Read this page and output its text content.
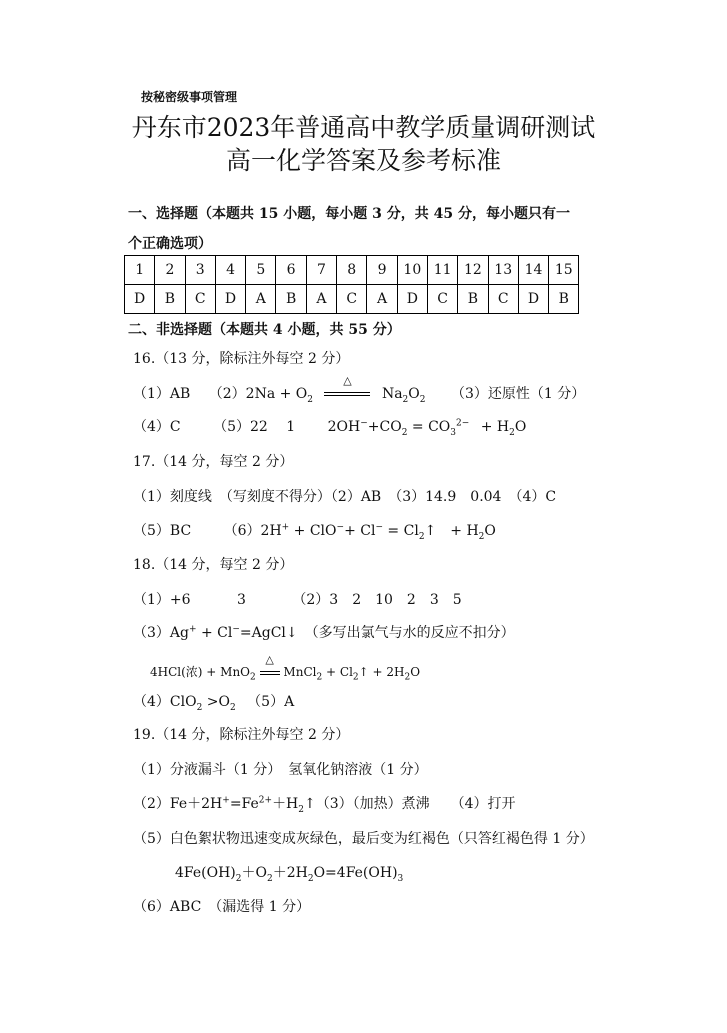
按秘密级事项管理
丹东市2023年普通高中教学质量调研测试
高一化学答案及参考标准
一、选择题（本题共 15 小题，每小题 3 分，共 45 分，每小题只有一
个正确选项）
1	2	3	4	5	6	7	8	9	10	11	12	13	14	15
D	B	C	D	A	B	A	C	A	D	C	B	C	D	B
二、非选择题（本题共 4 小题，共 55 分）
16.（13 分，除标注外每空 2 分）
（1）AB  $(2)2Na + O_2$ 
△
  $Na_2O_2$   （3）还原性（1 分）
（4）C   （5）22  1   $2OH^-+CO_2 = CO_3^{2-}$  + $H_2O$
17.（14 分，每空 2 分）
（1）刻度线　（写刻度不得分）（2）AB　（3）14.9　0.04　（4）C
（5）BC   $(6)2H^+ + ClO^-+ Cl^- = Cl_2↑$　+ $H_2O$
18.（14 分，每空 2 分）
（1）+6   	3   	（2）3　2　10　2　3　5
（3）Ag+ + Cl−=AgCl↓　（多写出氯气与水的反应不扣分）
4HCl(浓) + MnO$_2$
△
MnCl$_2$ + $Cl_2↑ + 2H_2O$
$(4)ClO_2 >O_2$  （5）A
19.（14 分，除标注外每空 2 分）
（1）分液漏斗（1 分）　氢氧化钠溶液（1 分）
$(2)Fe+2H^+=Fe^{2+}+H_2↑(3)$（加热）煮沸　　（4）打开
（5）白色絮状物迅速变成灰绿色，最后变为红褐色（只答红褐色得 1 分）
$4Fe(OH)_2+O_2+2H_2O=4Fe(OH)_3$
（6）ABC　（漏选得 1 分）
